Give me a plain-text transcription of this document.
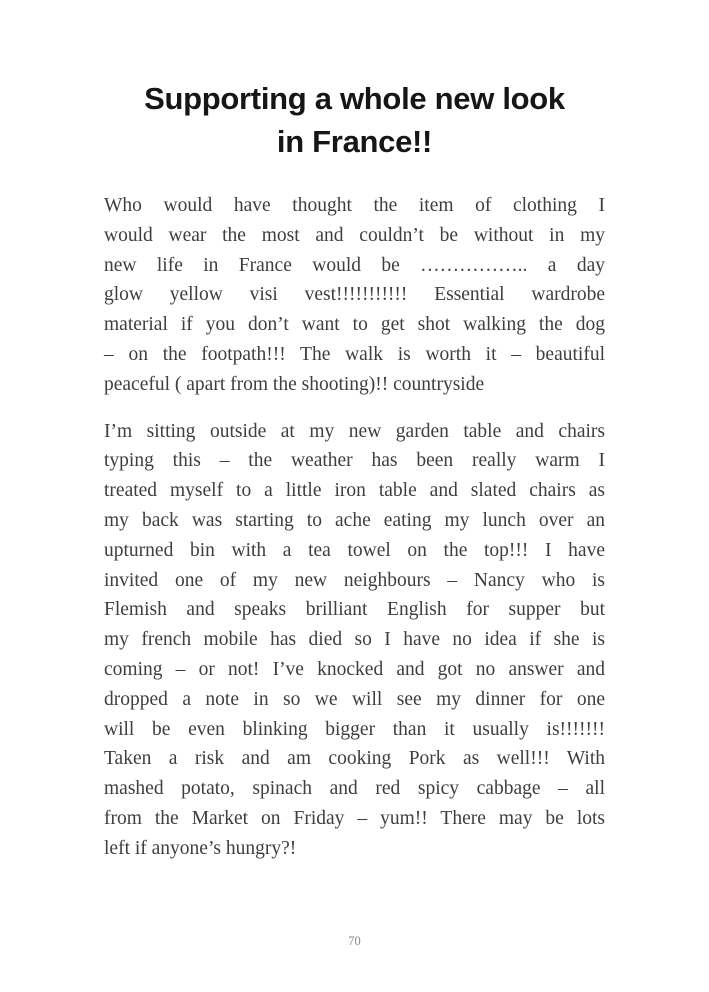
Supporting a whole new look
in France!!
Who would have thought the item of clothing I
would wear the most and couldn’t be without in my
new life in France would be …………….. a day
glow yellow visi vest!!!!!!!!!!! Essential wardrobe
material if you don’t want to get shot walking the dog
– on the footpath!!! The walk is worth it – beautiful
peaceful ( apart from the shooting)!! countryside
I’m sitting outside at my new garden table and chairs
typing this – the weather has been really warm I
treated myself to a little iron table and slated chairs as
my back was starting to ache eating my lunch over an
upturned bin with a tea towel on the top!!! I have
invited one of my new neighbours – Nancy who is
Flemish and speaks brilliant English for supper but
my french mobile has died so I have no idea if she is
coming – or not! I’ve knocked and got no answer and
dropped a note in so we will see my dinner for one
will be even blinking bigger than it usually is!!!!!!!
Taken a risk and am cooking Pork as well!!! With
mashed potato, spinach and red spicy cabbage – all
from the Market on Friday – yum!! There may be lots
left if anyone’s hungry?!
70
